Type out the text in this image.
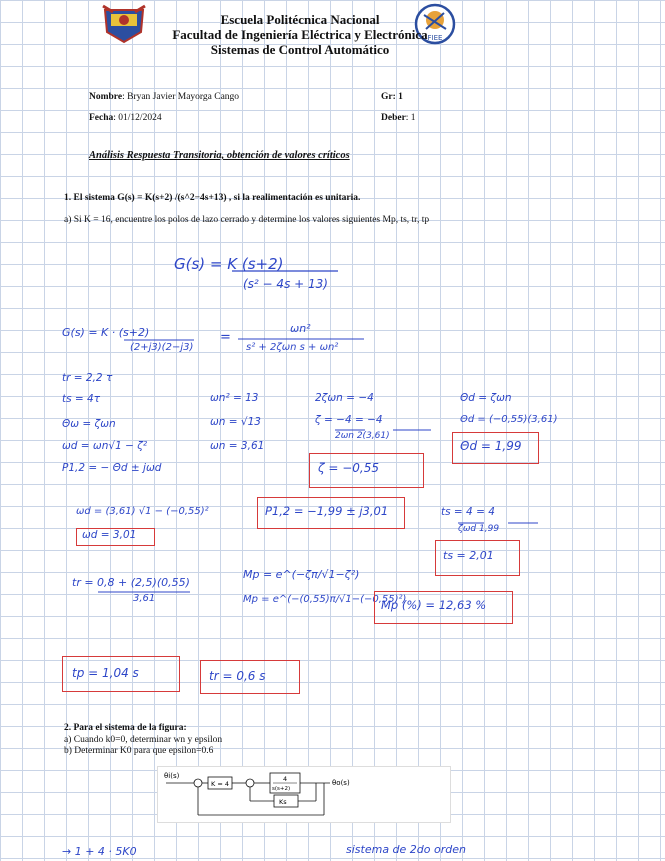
FIEE
Escuela Politécnica Nacional
Facultad de Ingeniería Eléctrica y Electrónica
Sistemas de Control Automático
Nombre: Bryan Javier Mayorga Cango	Gr: 1
Fecha: 01/12/2024	Deber: 1
Análisis Respuesta Transitoria, obtención de valores críticos
1. El sistema G(s) = K(s+2) /(s^2−4s+13) , si la realimentación es unitaria.
a) Si K = 16, encuentre los polos de lazo cerrado y determine los valores siguientes Mp, ts, tr, tp
G(s) = K (s+2)
(s² − 4s + 13)
G(s) = K · (s+2)
(2+j3)(2−j3)
=
ωn²
s² + 2ζωn s + ωn²
tr = 2,2 τ
ts = 4τ
Θω = ζωn
ωd = ωn√1 − ζ²
P1,2 = − Θd ± jωd
ωn² = 13
ωn = √13
ωn = 3,61
2ζωn = −4
ζ = −4 = −4
2ωn 2(3,61)
ζ = −0,55
Θd = ζωn
Θd = (−0,55)(3,61)
Θd = 1,99
ωd = (3,61) √1 − (−0,55)²
ωd = 3,01
P1,2 = −1,99 ± j3,01	ts = 4 = 4
ζωd 1,99
ts = 2,01
tr = 0,8 + (2,5)(0,55)
3,61
Mp = e^(−ζπ/√1−ζ²)
Mp = e^(−(0,55)π/√1−(−0,55)²)
Mp (%) = 12,63 %
tp = 1,04 s	tr = 0,6 s
2. Para el sistema de la figura:
a) Cuando k0=0, determinar wn y epsilon
b) Determinar K0 para que epsilon=0.6
θi(s)
K = 4
4
s(s+2)
θo(s)
Ks
→ 1 + 4 · 5K0	sistema de 2do orden
